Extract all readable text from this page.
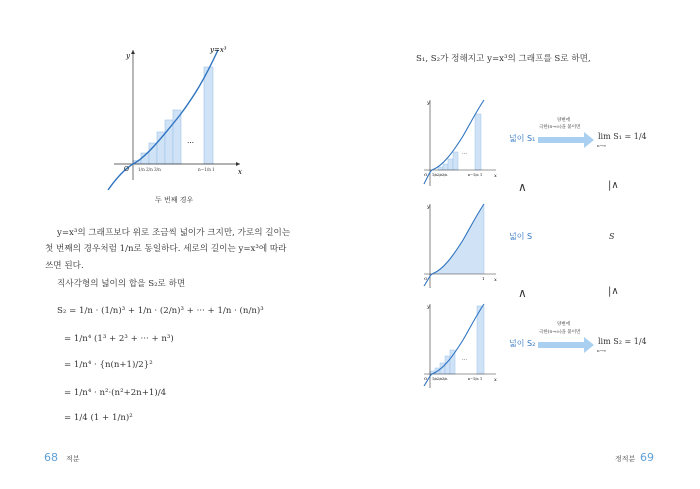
y
x
O
y=x³
…
1/n 2/n 3/n	n−1/n 1
두 번째 경우
y=x³의 그래프보다 위로 조금씩 넓이가 크지만, 가로의 길이는
첫 번째의 경우처럼 1/n로 동일하다. 세로의 길이는 y=x³에 따라
쓰면 된다.
직사각형의 넓이의 합을 S₂로 하면
S₂ = 1/n · (1/n)³ + 1/n · (2/n)³ + ··· + 1/n · (n/n)³
= 1/n⁴ (1³ + 2³ + ··· + n³)
= 1/n⁴ · {n(n+1)/2}²
= 1/n⁴ · n²·(n²+2n+1)/4
= 1/4 (1 + 1/n)²
68 적분
S₁, S₂가 정해지고 y=x³의 그래프를 S로 하면,
y
x
O
…
1/n 2/n 3/n	n−1/n 1
y
x
O	1
y
x
O
…
1/n 2/n 3/n	n−1/n 1
넓이 S₁
양변에
극한(n→∞)을 붙이면
lim S₁ = 1/4
n→∞
∧	|∧
넓이 S	S
∧	|∧
넓이 S₂
양변에
극한(n→∞)을 붙이면
lim S₂ = 1/4
n→∞
정적분 69
